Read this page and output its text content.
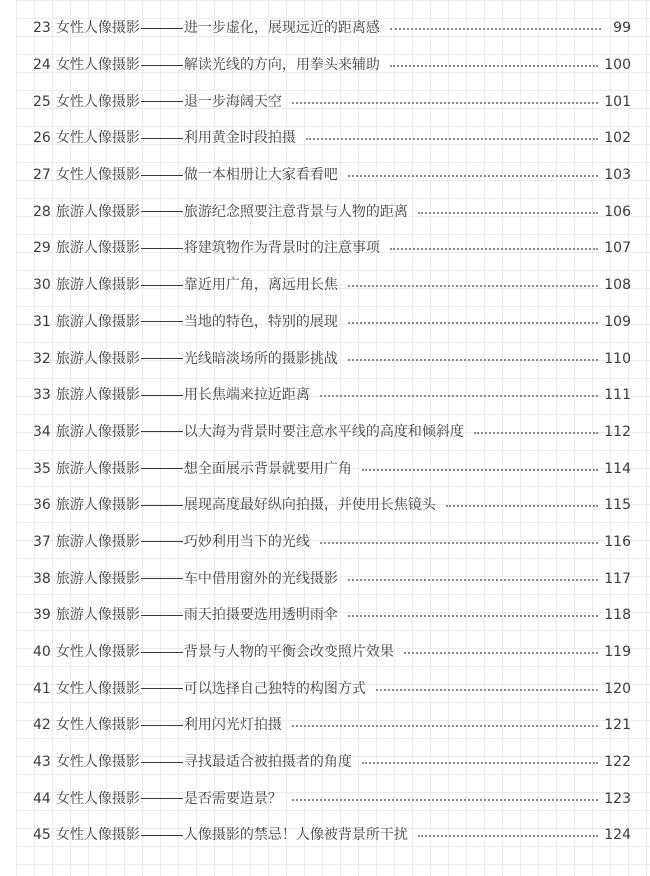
23 女性人像摄影	进一步虚化，展现远近的距离感	99
24 女性人像摄影	解读光线的方向，用拳头来辅助	100
25 女性人像摄影	退一步海阔天空	101
26 女性人像摄影	利用黄金时段拍摄	102
27 女性人像摄影	做一本相册让大家看看吧	103
28 旅游人像摄影	旅游纪念照要注意背景与人物的距离	106
29 旅游人像摄影	将建筑物作为背景时的注意事项	107
30 旅游人像摄影	靠近用广角，离远用长焦	108
31 旅游人像摄影	当地的特色，特别的展现	109
32 旅游人像摄影	光线暗淡场所的摄影挑战	110
33 旅游人像摄影	用长焦端来拉近距离	111
34 旅游人像摄影	以大海为背景时要注意水平线的高度和倾斜度	112
35 旅游人像摄影	想全面展示背景就要用广角	114
36 旅游人像摄影	展现高度最好纵向拍摄，并使用长焦镜头	115
37 旅游人像摄影	巧妙利用当下的光线	116
38 旅游人像摄影	车中借用窗外的光线摄影	117
39 旅游人像摄影	雨天拍摄要选用透明雨伞	118
40 女性人像摄影	背景与人物的平衡会改变照片效果	119
41 女性人像摄影	可以选择自己独特的构图方式	120
42 女性人像摄影	利用闪光灯拍摄	121
43 女性人像摄影	寻找最适合被拍摄者的角度	122
44 女性人像摄影	是否需要造景？	123
45 女性人像摄影	人像摄影的禁忌！人像被背景所干扰	124
